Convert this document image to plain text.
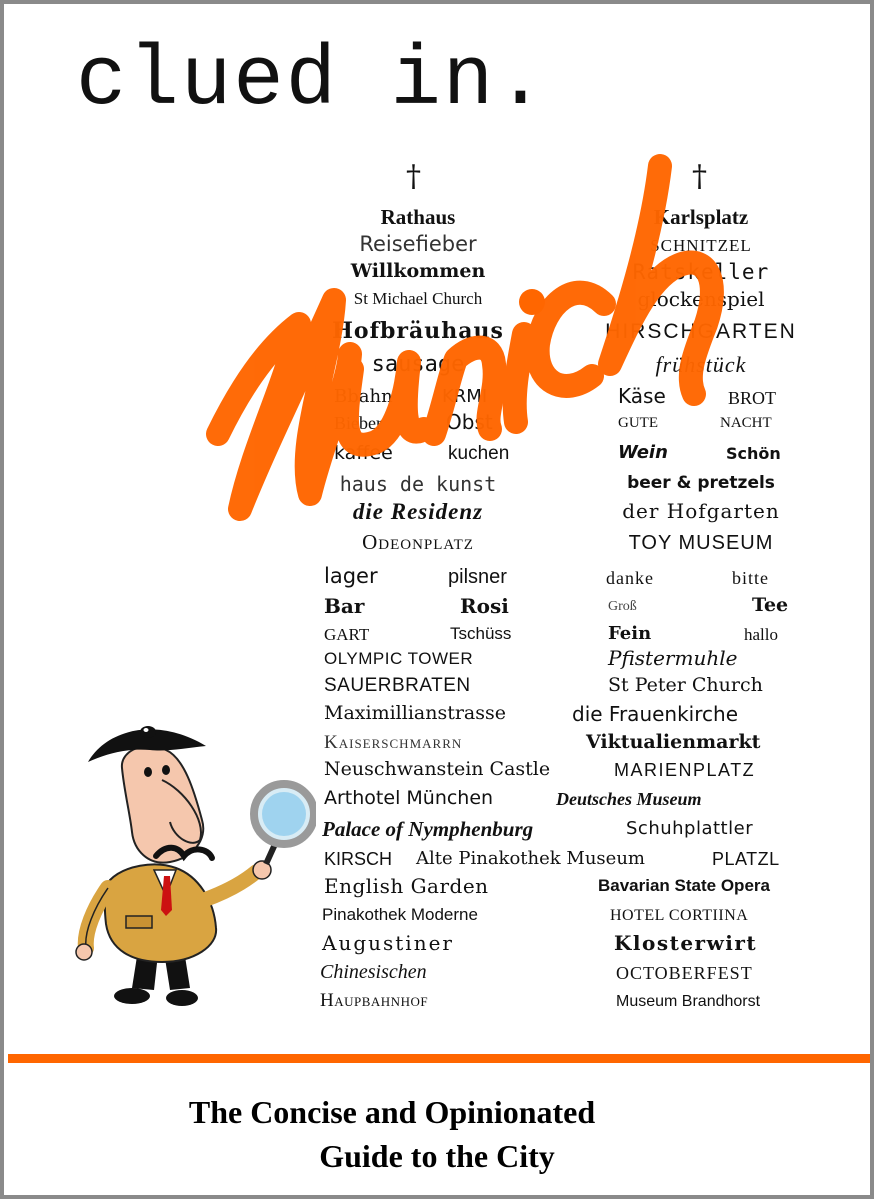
clued in.
†	†
Rathaus
Reisefieber
Willkommen
St Michael Church
Hofbräuhaus
sausage
Bbahn	KRMI
Bieber	Obst
kaffee	kuchen
haus de kunst
die Residenz
Odeonplatz
lager	pilsner
Bar	Rosi
GART	Tschüss
OLYMPIC TOWER
SAUERBRATEN
Maximillianstrasse
Kaiserschmarrn
Neuschwanstein Castle
Arthotel München
Palace of Nymphenburg
KIRSCH
English Garden
Pinakothek Moderne
Augustiner
Chinesischen
Haupbahnhof
Karlsplatz
SCHNITZEL
Ratskeller
glockenspiel
HIRSCHGARTEN
frühstück
Käse	BROT
GUTE	NACHT
Wein	Schön
beer & pretzels
der Hofgarten
TOY MUSEUM
danke	bitte
Groß	Tee
Fein	hallo
Pfistermuhle
St Peter Church
die Frauenkirche
Viktualienmarkt
MARIENPLATZ
Deutsches Museum
Schuhplattler
Alte Pinakothek Museum	PLATZL
Bavarian State Opera
HOTEL CORTIINA
Klosterwirt
OCTOBERFEST
Museum Brandhorst
The Concise and Opinionated
Guide to the City
